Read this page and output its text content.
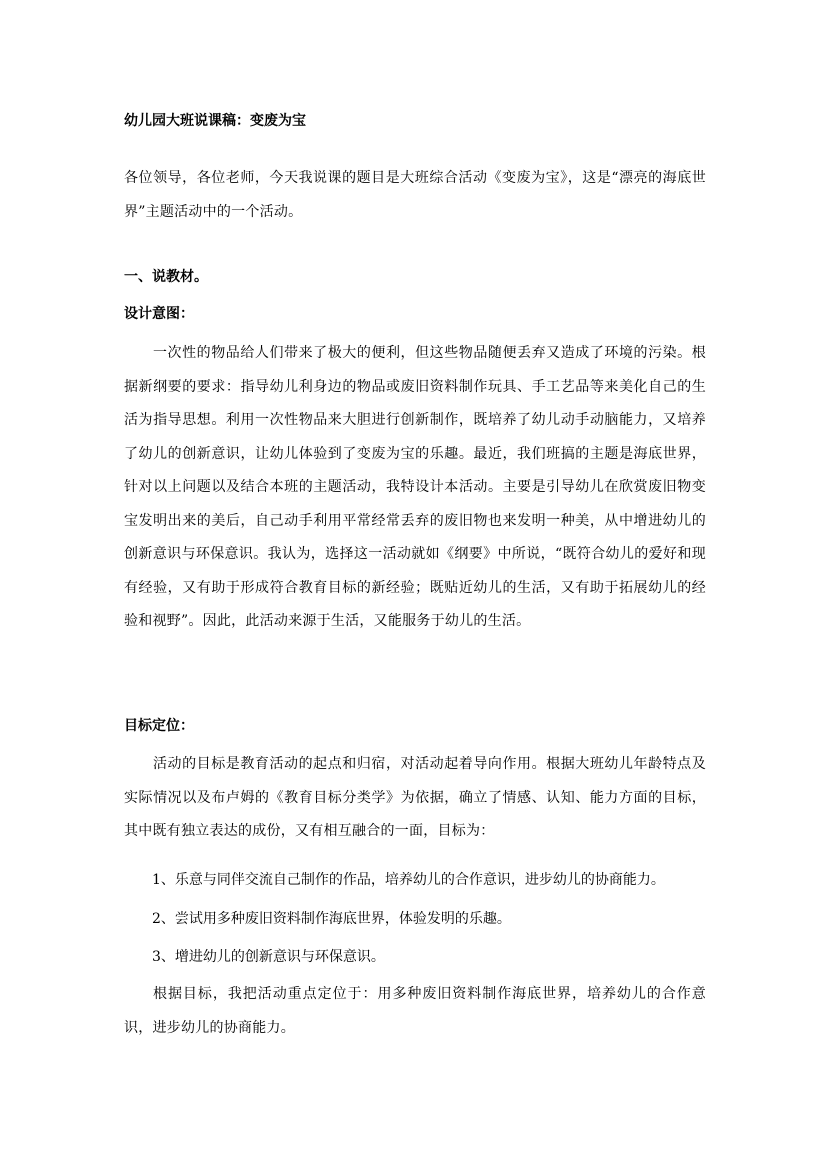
幼儿园大班说课稿：变废为宝
各位领导，各位老师，今天我说课的题目是大班综合活动《变废为宝》，这是“漂亮的海底世界”主题活动中的一个活动。
一、说教材。
设计意图：
一次性的物品给人们带来了极大的便利，但这些物品随便丢弃又造成了环境的污染。根据新纲要的要求：指导幼儿利身边的物品或废旧资料制作玩具、手工艺品等来美化自己的生活为指导思想。利用一次性物品来大胆进行创新制作，既培养了幼儿动手动脑能力，又培养了幼儿的创新意识，让幼儿体验到了变废为宝的乐趣。最近，我们班搞的主题是海底世界，针对以上问题以及结合本班的主题活动，我特设计本活动。主要是引导幼儿在欣赏废旧物变宝发明出来的美后，自己动手利用平常经常丢弃的废旧物也来发明一种美，从中增进幼儿的创新意识与环保意识。我认为，选择这一活动就如《纲要》中所说，“既符合幼儿的爱好和现有经验，又有助于形成符合教育目标的新经验；既贴近幼儿的生活，又有助于拓展幼儿的经验和视野”。因此，此活动来源于生活，又能服务于幼儿的生活。
目标定位：
活动的目标是教育活动的起点和归宿，对活动起着导向作用。根据大班幼儿年龄特点及实际情况以及布卢姆的《教育目标分类学》为依据，确立了情感、认知、能力方面的目标，其中既有独立表达的成份，又有相互融合的一面，目标为：
1、乐意与同伴交流自己制作的作品，培养幼儿的合作意识，进步幼儿的协商能力。
2、尝试用多种废旧资料制作海底世界，体验发明的乐趣。
3、增进幼儿的创新意识与环保意识。
根据目标，我把活动重点定位于：用多种废旧资料制作海底世界，培养幼儿的合作意识，进步幼儿的协商能力。
